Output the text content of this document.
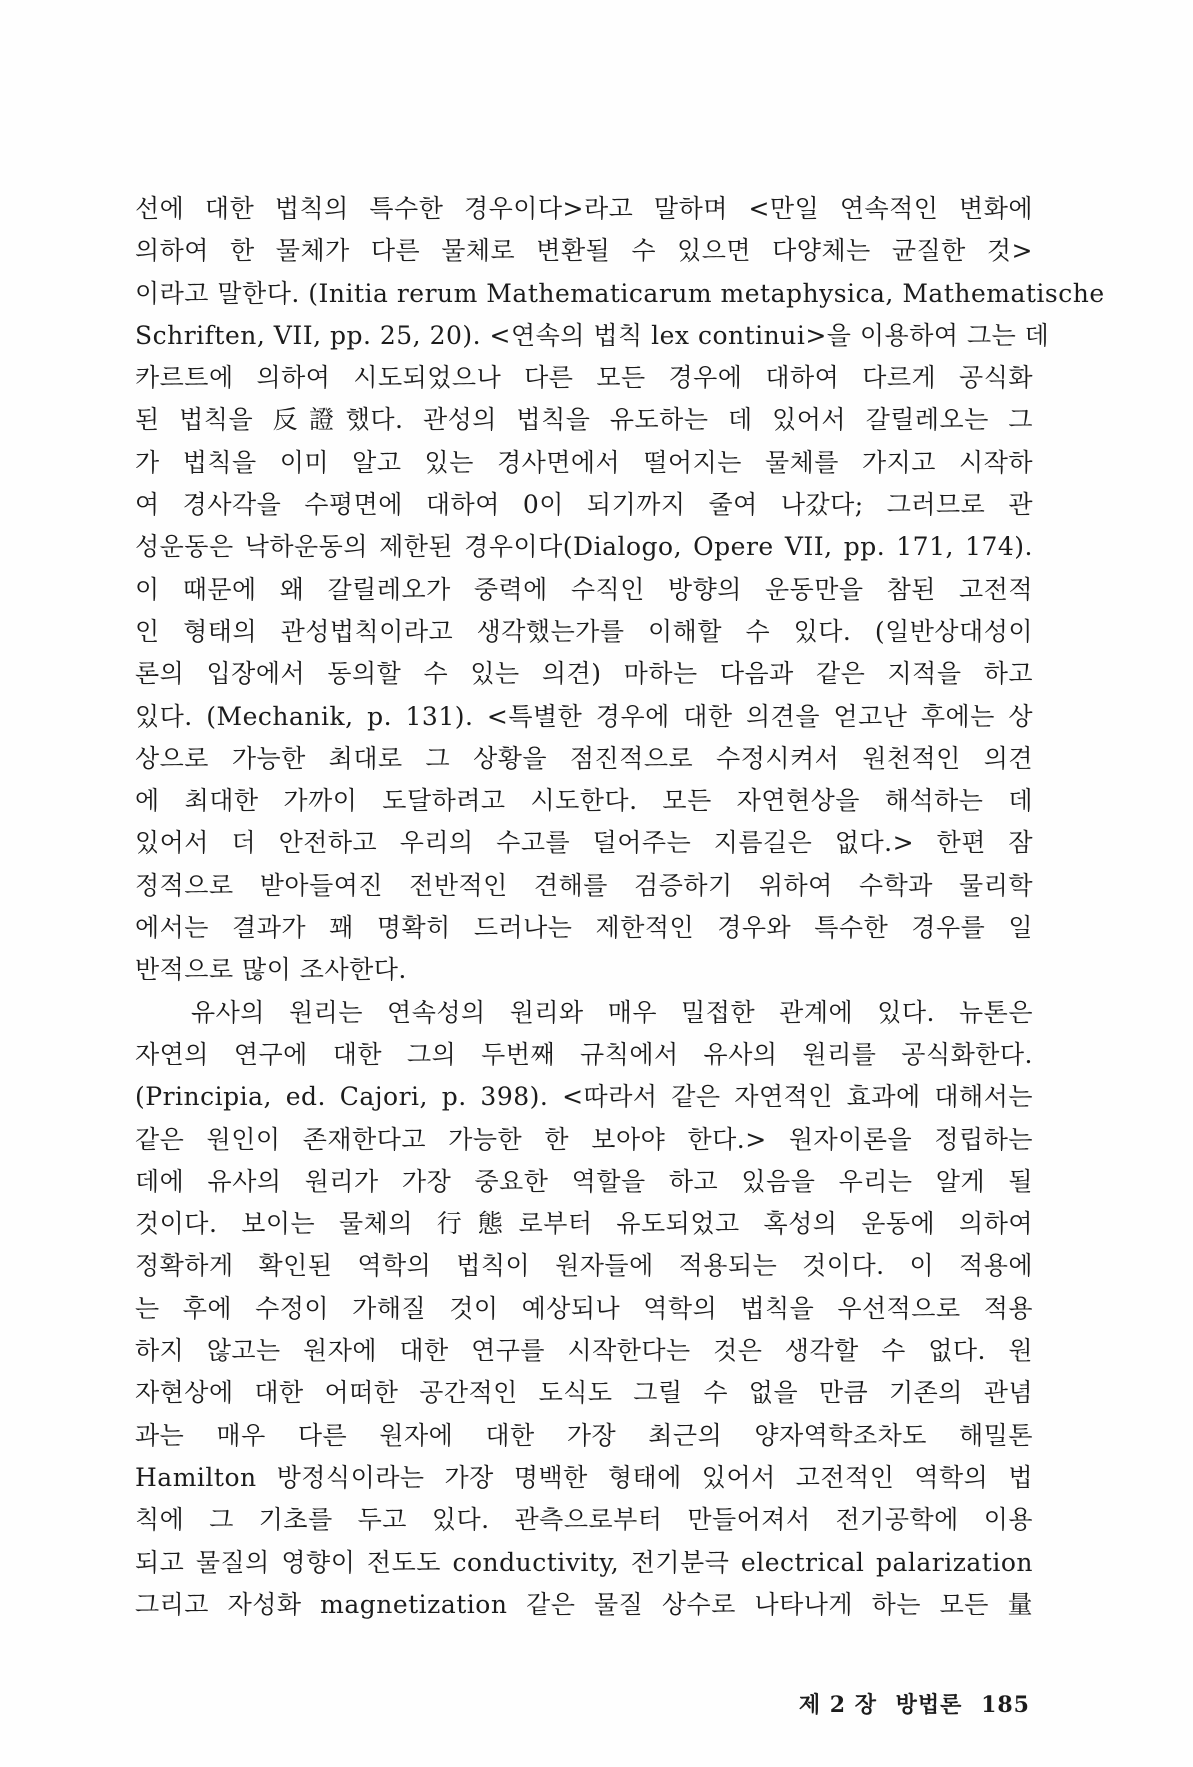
선에 대한 법칙의 특수한 경우이다>라고 말하며 <만일 연속적인 변화에
의하여 한 물체가 다른 물체로 변환될 수 있으면 다양체는 균질한 것>
이라고 말한다. (Initia rerum Mathematicarum metaphysica, Mathematische
Schriften, VII, pp. 25, 20). <연속의 법칙 lex continui>을 이용하여 그는 데
카르트에 의하여 시도되었으나 다른 모든 경우에 대하여 다르게 공식화
된 법칙을 反證했다. 관성의 법칙을 유도하는 데 있어서 갈릴레오는 그
가 법칙을 이미 알고 있는 경사면에서 떨어지는 물체를 가지고 시작하
여 경사각을 수평면에 대하여 0이 되기까지 줄여 나갔다; 그러므로 관
성운동은 낙하운동의 제한된 경우이다(Dialogo, Opere VII, pp. 171, 174).
이 때문에 왜 갈릴레오가 중력에 수직인 방향의 운동만을 참된 고전적
인 형태의 관성법칙이라고 생각했는가를 이해할 수 있다. (일반상대성이
론의 입장에서 동의할 수 있는 의견) 마하는 다음과 같은 지적을 하고
있다. (Mechanik, p. 131). <특별한 경우에 대한 의견을 얻고난 후에는 상
상으로 가능한 최대로 그 상황을 점진적으로 수정시켜서 원천적인 의견
에 최대한 가까이 도달하려고 시도한다. 모든 자연현상을 해석하는 데
있어서 더 안전하고 우리의 수고를 덜어주는 지름길은 없다.> 한편 잠
정적으로 받아들여진 전반적인 견해를 검증하기 위하여 수학과 물리학
에서는 결과가 꽤 명확히 드러나는 제한적인 경우와 특수한 경우를 일
반적으로 많이 조사한다.
유사의 원리는 연속성의 원리와 매우 밀접한 관계에 있다. 뉴톤은
자연의 연구에 대한 그의 두번째 규칙에서 유사의 원리를 공식화한다.
(Principia, ed. Cajori, p. 398). <따라서 같은 자연적인 효과에 대해서는
같은 원인이 존재한다고 가능한 한 보아야 한다.> 원자이론을 정립하는
데에 유사의 원리가 가장 중요한 역할을 하고 있음을 우리는 알게 될
것이다. 보이는 물체의 行態로부터 유도되었고 혹성의 운동에 의하여
정확하게 확인된 역학의 법칙이 원자들에 적용되는 것이다. 이 적용에
는 후에 수정이 가해질 것이 예상되나 역학의 법칙을 우선적으로 적용
하지 않고는 원자에 대한 연구를 시작한다는 것은 생각할 수 없다. 원
자현상에 대한 어떠한 공간적인 도식도 그릴 수 없을 만큼 기존의 관념
과는 매우 다른 원자에 대한 가장 최근의 양자역학조차도 해밀톤
Hamilton 방정식이라는 가장 명백한 형태에 있어서 고전적인 역학의 법
칙에 그 기초를 두고 있다. 관측으로부터 만들어져서 전기공학에 이용
되고 물질의 영향이 전도도 conductivity, 전기분극 electrical palarization
그리고 자성화 magnetization 같은 물질 상수로 나타나게 하는 모든 量
제 2 장 방법론 185
